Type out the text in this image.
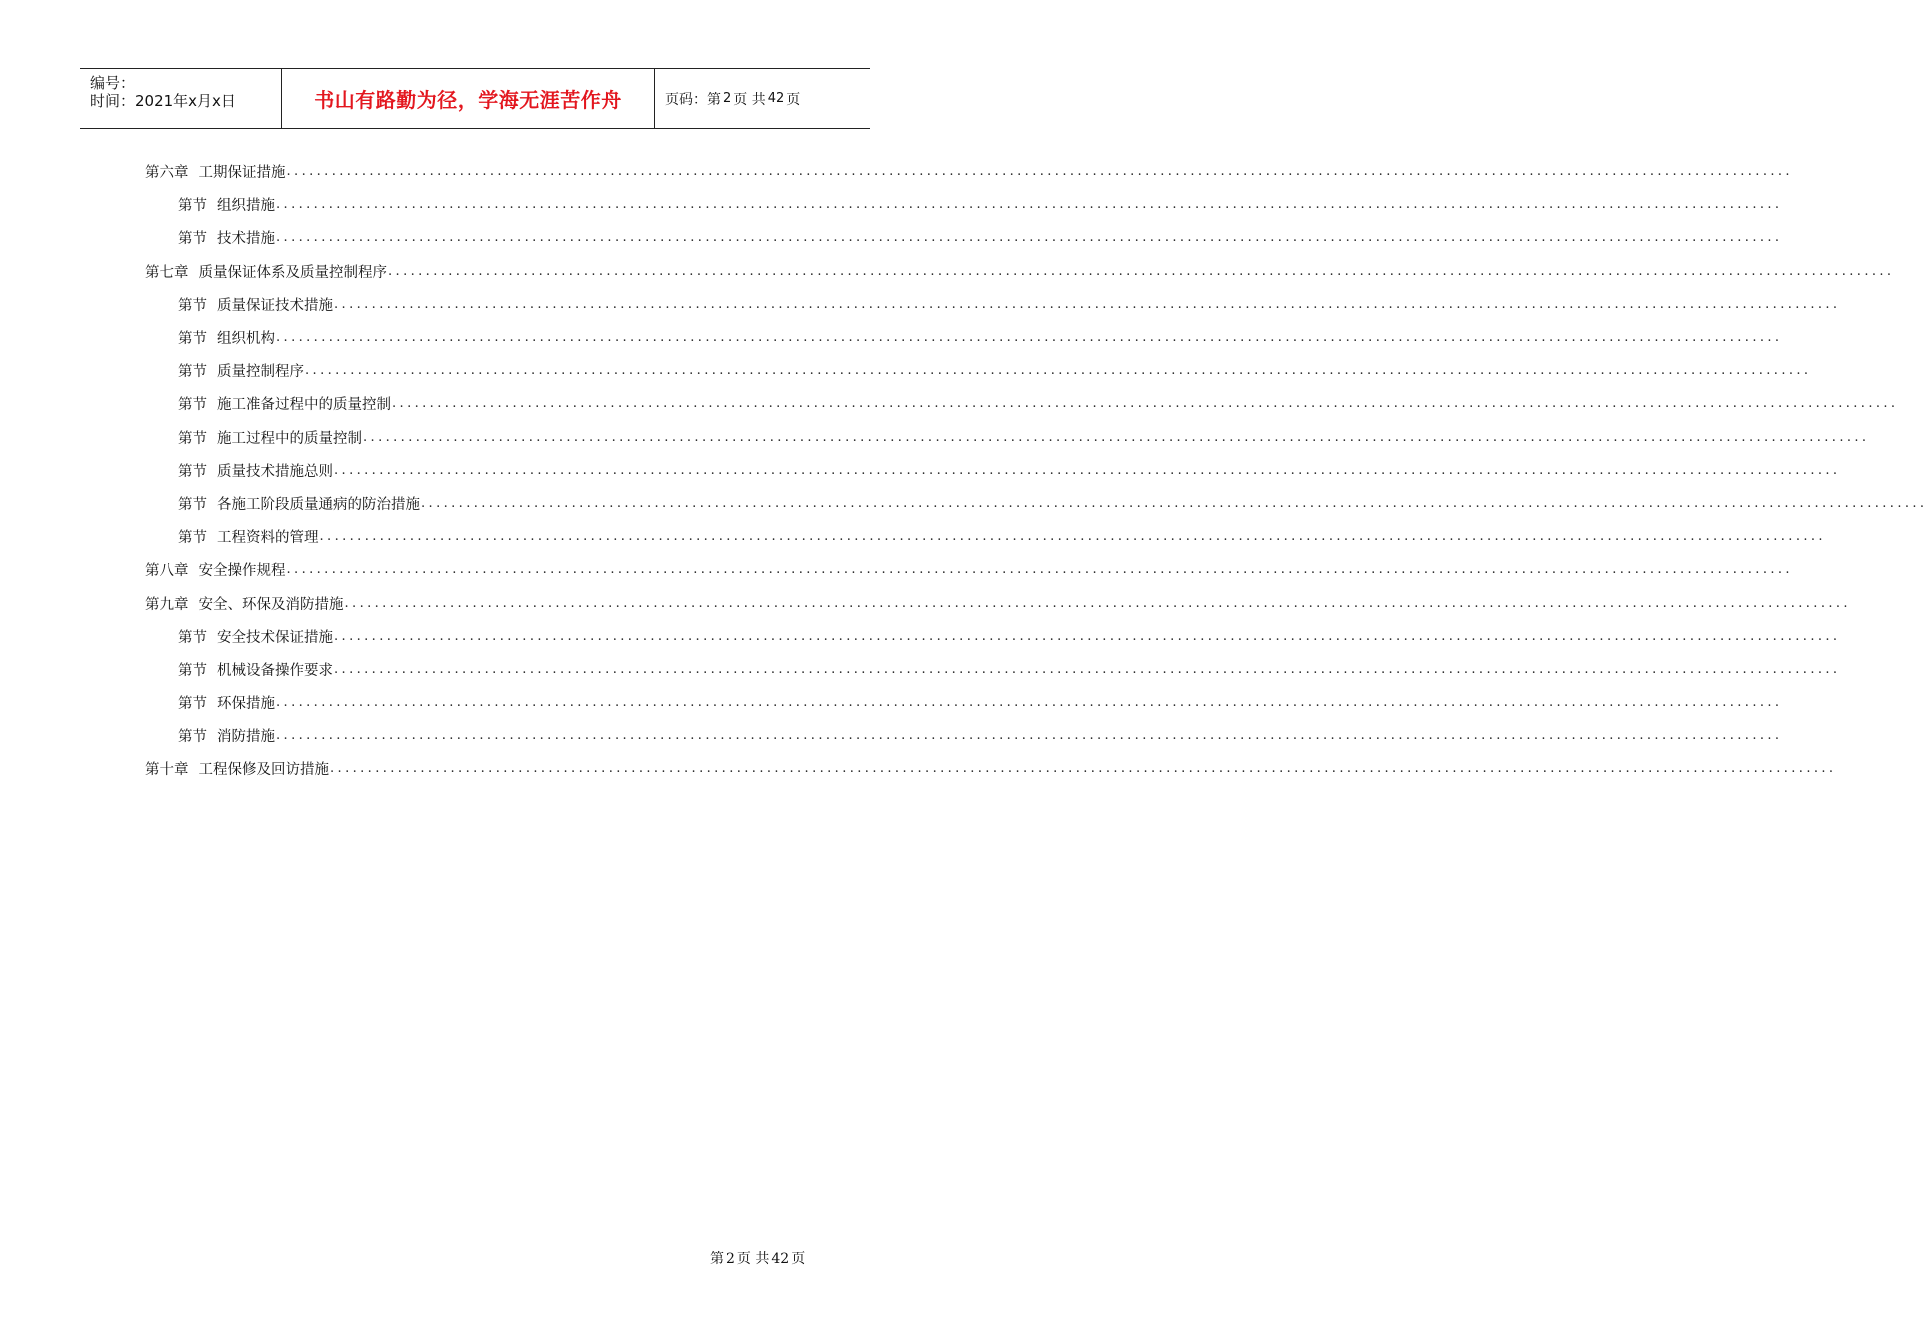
编号：
时间：2021年x月x日	书山有路勤为径，学海无涯苦作舟	页码：第 2 页 共 42 页
第六章 工期保证措施 ........................................................................................................................................................................................................
第节 组织措施 ........................................................................................................................................................................................................
第节 技术措施 ........................................................................................................................................................................................................
第七章 质量保证体系及质量控制程序 ........................................................................................................................................................................................................
第节 质量保证技术措施 ........................................................................................................................................................................................................
第节 组织机构 ........................................................................................................................................................................................................
第节 质量控制程序 ........................................................................................................................................................................................................
第节 施工准备过程中的质量控制 ........................................................................................................................................................................................................
第节 施工过程中的质量控制 ........................................................................................................................................................................................................
第节 质量技术措施总则 ........................................................................................................................................................................................................
第节 各施工阶段质量通病的防治措施 ........................................................................................................................................................................................................
第节 工程资料的管理 ........................................................................................................................................................................................................
第八章 安全操作规程 ........................................................................................................................................................................................................
第九章 安全、环保及消防措施 ........................................................................................................................................................................................................
第节 安全技术保证措施 ........................................................................................................................................................................................................
第节 机械设备操作要求 ........................................................................................................................................................................................................
第节 环保措施 ........................................................................................................................................................................................................
第节 消防措施 ........................................................................................................................................................................................................
第十章 工程保修及回访措施 ........................................................................................................................................................................................................
第 2 页 共 42 页
